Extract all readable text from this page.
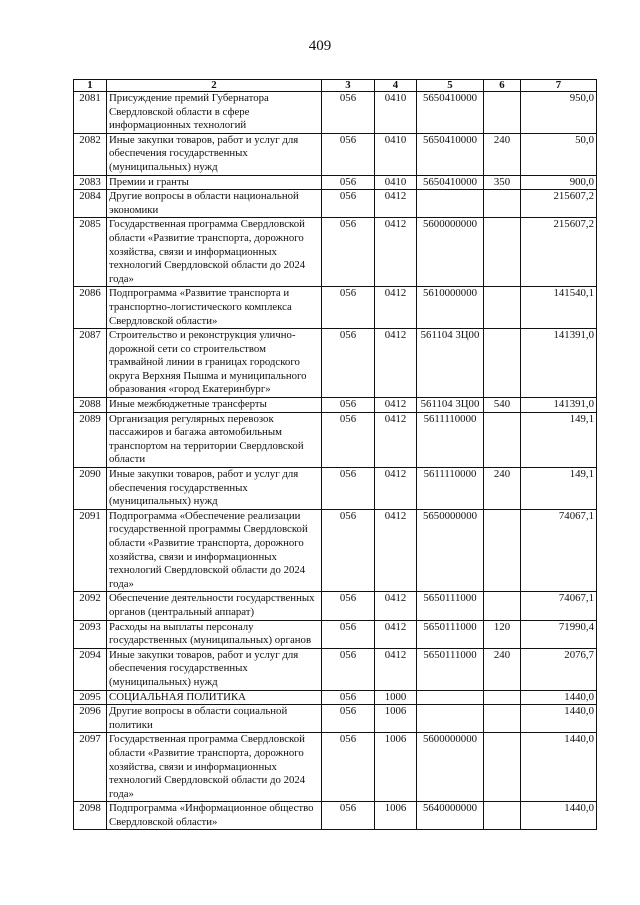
409
1	2	3	4	5	6	7
2081	Присуждение премий Губернатора Свердловской области в сфере информационных технологий	056	0410	5650410000		950,0
2082	Иные закупки товаров, работ и услуг для обеспечения государственных (муниципальных) нужд	056	0410	5650410000	240	50,0
2083	Премии и гранты	056	0410	5650410000	350	900,0
2084	Другие вопросы в области национальной экономики	056	0412			215607,2
2085	Государственная программа Свердловской области «Развитие транспорта, дорожного хозяйства, связи и информационных технологий Свердловской области до 2024 года»	056	0412	5600000000		215607,2
2086	Подпрограмма «Развитие транспорта и транспортно-логистического комплекса Свердловской области»	056	0412	5610000000		141540,1
2087	Строительство и реконструкция улично-дорожной сети со строительством трамвайной линии в границах городского округа Верхняя Пышма и муниципального образования «город Екатеринбург»	056	0412	561104 3Ц00		141391,0
2088	Иные межбюджетные трансферты	056	0412	561104 3Ц00	540	141391,0
2089	Организация регулярных перевозок пассажиров и багажа автомобильным транспортом на территории Свердловской области	056	0412	5611110000		149,1
2090	Иные закупки товаров, работ и услуг для обеспечения государственных (муниципальных) нужд	056	0412	5611110000	240	149,1
2091	Подпрограмма «Обеспечение реализации государственной программы Свердловской области «Развитие транспорта, дорожного хозяйства, связи и информационных технологий Свердловской области до 2024 года»	056	0412	5650000000		74067,1
2092	Обеспечение деятельности государственных органов (центральный аппарат)	056	0412	5650111000		74067,1
2093	Расходы на выплаты персоналу государственных (муниципальных) органов	056	0412	5650111000	120	71990,4
2094	Иные закупки товаров, работ и услуг для обеспечения государственных (муниципальных) нужд	056	0412	5650111000	240	2076,7
2095	СОЦИАЛЬНАЯ ПОЛИТИКА	056	1000			1440,0
2096	Другие вопросы в области социальной политики	056	1006			1440,0
2097	Государственная программа Свердловской области «Развитие транспорта, дорожного хозяйства, связи и информационных технологий Свердловской области до 2024 года»	056	1006	5600000000		1440,0
2098	Подпрограмма «Информационное общество Свердловской области»	056	1006	5640000000		1440,0
